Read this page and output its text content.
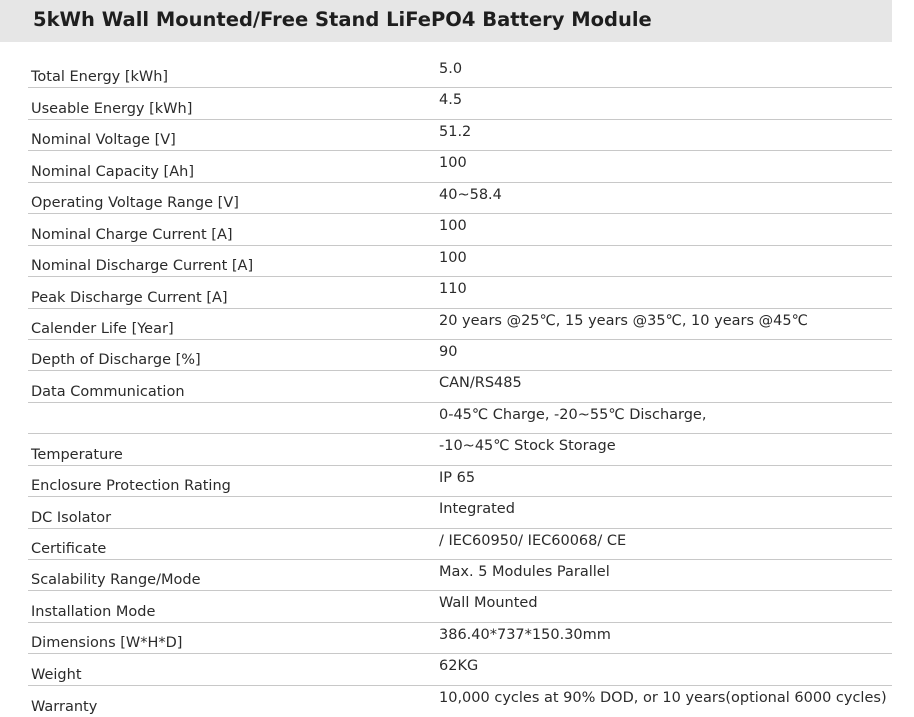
5kWh Wall Mounted/Free Stand LiFePO4 Battery Module
Total Energy [kWh]
5.0
Useable Energy [kWh]
4.5
Nominal Voltage [V]
51.2
Nominal Capacity [Ah]
100
Operating Voltage Range [V]
40~58.4
Nominal Charge Current [A]
100
Nominal Discharge Current [A]
100
Peak Discharge Current [A]
110
Calender Life [Year]
20 years @25℃, 15 years @35℃, 10 years @45℃
Depth of Discharge [%]
90
Data Communication
CAN/RS485
0-45℃ Charge, -20~55℃ Discharge,
Temperature
-10~45℃ Stock Storage
Enclosure Protection Rating
IP 65
DC Isolator
Integrated
Certificate
/ IEC60950/ IEC60068/ CE
Scalability Range/Mode
Max. 5 Modules Parallel
Installation Mode
Wall Mounted
Dimensions [W*H*D]
386.40*737*150.30mm
Weight
62KG
Warranty
10,000 cycles at 90% DOD, or 10 years(optional 6000 cycles)
